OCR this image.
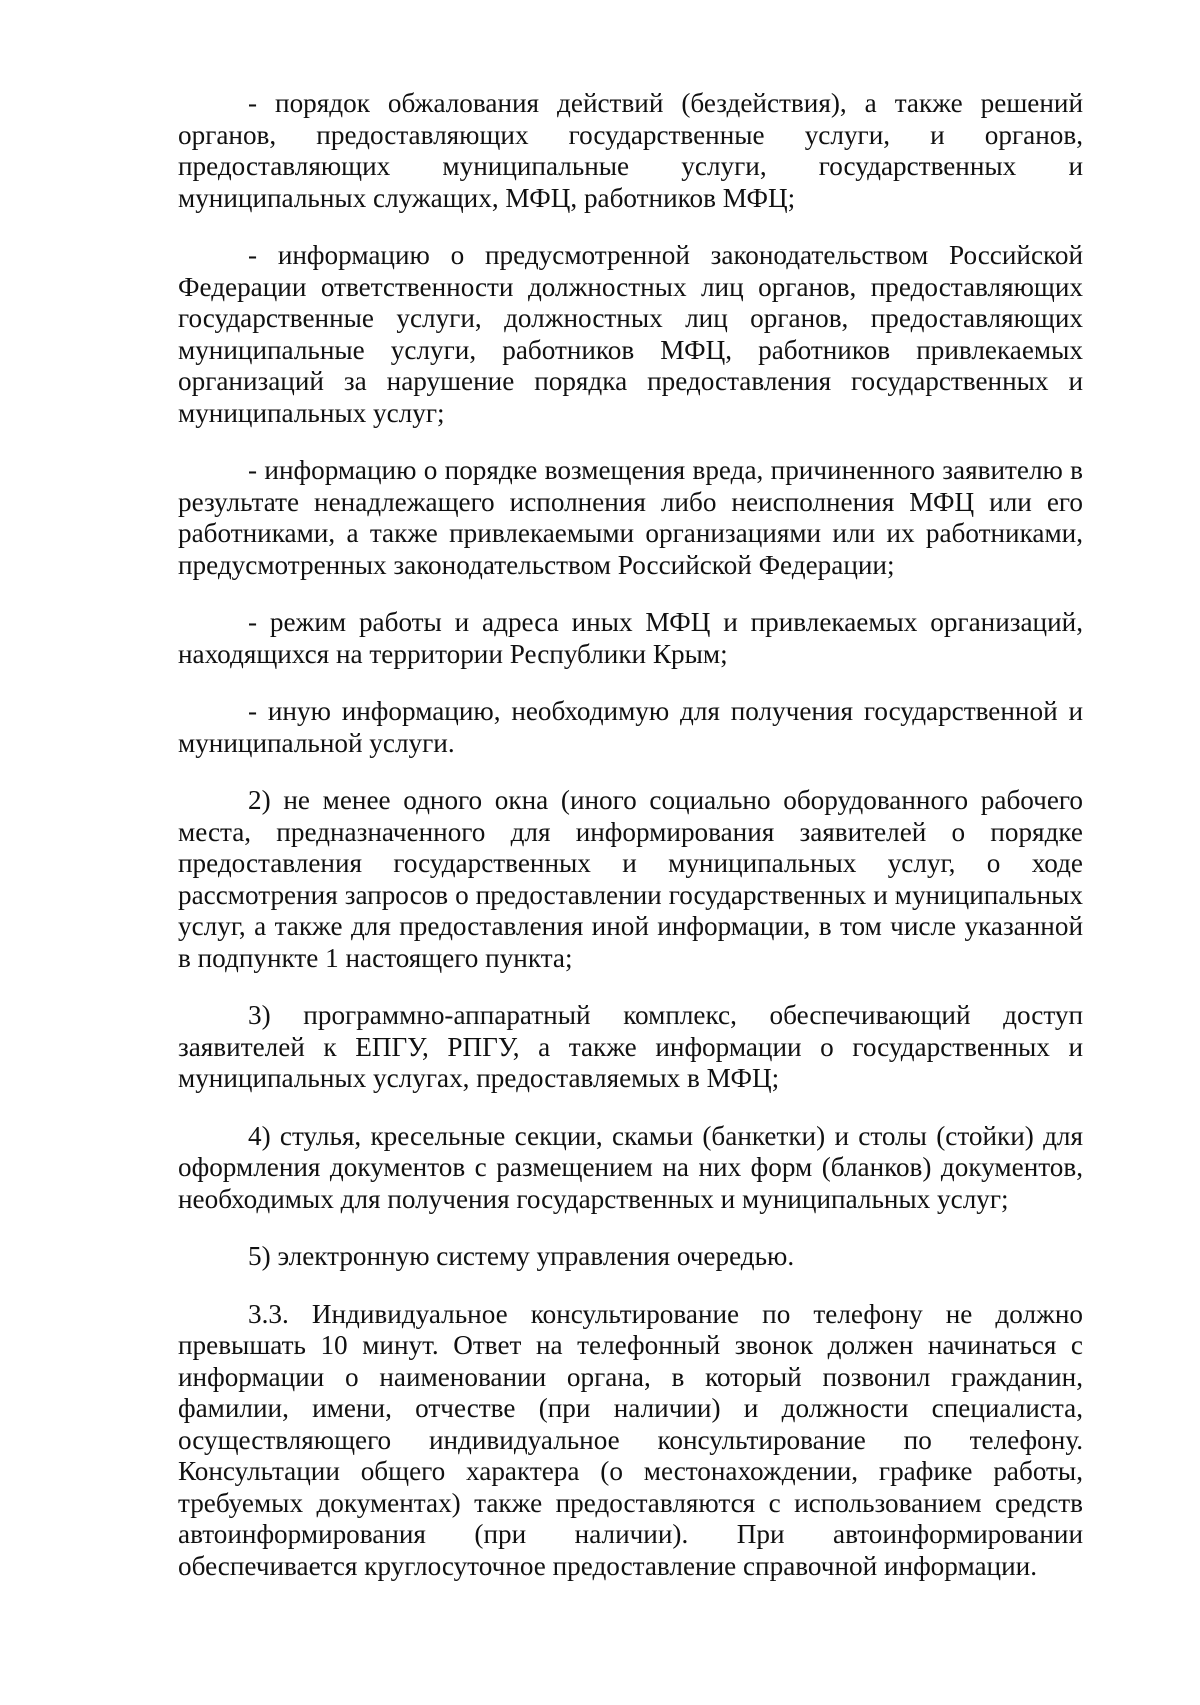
- порядок обжалования действий (бездействия), а также решений органов, предоставляющих государственные услуги, и органов, предоставляющих муниципальные услуги, государственных и муниципальных служащих, МФЦ, работников МФЦ;

- информацию о предусмотренной законодательством Российской Федерации ответственности должностных лиц органов, предоставляющих государственные услуги, должностных лиц органов, предоставляющих муниципальные услуги, работников МФЦ, работников привлекаемых организаций за нарушение порядка предоставления государственных и муниципальных услуг;

- информацию о порядке возмещения вреда, причиненного заявителю в результате ненадлежащего исполнения либо неисполнения МФЦ или его работниками, а также привлекаемыми организациями или их работниками, предусмотренных законодательством Российской Федерации;

- режим работы и адреса иных МФЦ и привлекаемых организаций, находящихся на территории Республики Крым;

- иную информацию, необходимую для получения государственной и муниципальной услуги.

2) не менее одного окна (иного социально оборудованного рабочего места, предназначенного для информирования заявителей о порядке предоставления государственных и муниципальных услуг, о ходе рассмотрения запросов о предоставлении государственных и муниципальных услуг, а также для предоставления иной информации, в том числе указанной в подпункте 1 настоящего пункта;

3) программно-аппаратный комплекс, обеспечивающий доступ заявителей к ЕПГУ, РПГУ, а также информации о государственных и муниципальных услугах, предоставляемых в МФЦ;

4) стулья, кресельные секции, скамьи (банкетки) и столы (стойки) для оформления документов с размещением на них форм (бланков) документов, необходимых для получения государственных и муниципальных услуг;

5) электронную систему управления очередью.

3.3. Индивидуальное консультирование по телефону не должно превышать 10 минут. Ответ на телефонный звонок должен начинаться с информации о наименовании органа, в который позвонил гражданин, фамилии, имени, отчестве (при наличии) и должности специалиста, осуществляющего индивидуальное консультирование по телефону. Консультации общего характера (о местонахождении, графике работы, требуемых документах) также предоставляются с использованием средств автоинформирования (при наличии). При автоинформировании обеспечивается круглосуточное предоставление справочной информации.
